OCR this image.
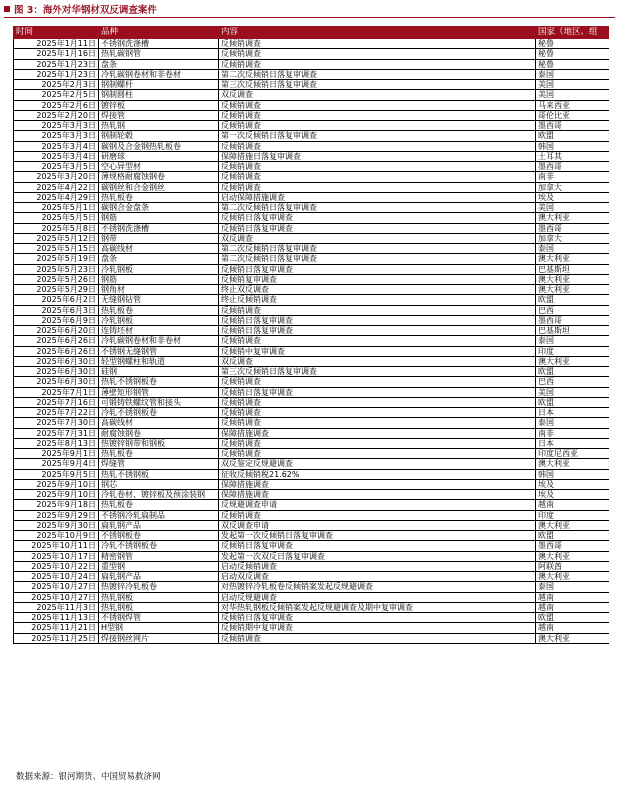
图 3：海外对华钢材双反调查案件
时间	品种	内容	国家（地区、组
2025年1月11日	不锈钢洗涤槽	反倾销调查	秘鲁
2025年1月16日	热轧碳钢管	反倾销调查	秘鲁
2025年1月23日	盘条	反倾销调查	秘鲁
2025年1月23日	冷轧碳钢卷材和非卷材	第二次反倾销日落复审调查	泰国
2025年2月3日	钢制螺杆	第三次反倾销日落复审调查	美国
2025年2月5日	钢制圆柱	双反调查	美国
2025年2月6日	镀锌板	反倾销调查	马来西亚
2025年2月20日	焊接管	反倾销调查	哥伦比亚
2025年3月3日	热轧钢	反倾销调查	墨西哥
2025年3月3日	钢制轮毂	第一次反倾销日落复审调查	欧盟
2025年3月4日	碳钢及合金钢热轧板卷	反倾销调查	韩国
2025年3月4日	研磨球	保障措施日落复审调查	土耳其
2025年3月5日	空心异型材	反倾销调查	墨西哥
2025年3月20日	薄规格耐腐蚀钢卷	反倾销调查	南非
2025年4月22日	碳钢丝和合金钢丝	反倾销调查	加拿大
2025年4月29日	热轧板卷	启动保障措施调查	埃及
2025年5月1日	碳钢合金盘条	第二次反倾销日落复审调查	美国
2025年5月5日	钢筋	反倾销日落复审调查	澳大利亚
2025年5月8日	不锈钢洗涤槽	反倾销日落复审调查	墨西哥
2025年5月12日	钢带	双反调查	加拿大
2025年5月15日	高碳线材	第二次反倾销日落复审调查	泰国
2025年5月19日	盘条	第二次反倾销日落复审调查	澳大利亚
2025年5月23日	冷轧钢板	反倾销日落复审调查	巴基斯坦
2025年5月26日	钢筋	反倾销复审调查	澳大利亚
2025年5月29日	钢角材	终止双反调查	澳大利亚
2025年6月2日	无缝钢钻管	终止反倾销调查	欧盟
2025年6月3日	热轧板卷	反倾销调查	巴西
2025年6月9日	冷轧钢板	反倾销日落复审调查	墨西哥
2025年6月20日	连铸坯材	反倾销日落复审调查	巴基斯坦
2025年6月26日	冷轧碳钢卷材和非卷材	反倾销调查	泰国
2025年6月26日	不锈钢无缝钢管	反倾销中复审调查	印度
2025年6月30日	轻型钢螺柱和轨道	双反调查	澳大利亚
2025年6月30日	硅钢	第三次反倾销日落复审调查	欧盟
2025年6月30日	热轧不锈钢板卷	反倾销调查	巴西
2025年7月1日	薄壁矩形钢管	反倾销日落复审调查	美国
2025年7月16日	可锻铸铁螺纹管和接头	反倾销调查	欧盟
2025年7月22日	冷轧不锈钢板卷	反倾销调查	日本
2025年7月30日	高碳线材	反倾销调查	泰国
2025年7月31日	耐腐蚀钢卷	保障措施调查	南非
2025年8月13日	热镀锌钢带和钢板	反倾销调查	日本
2025年9月1日	热轧板卷	反倾销调查	印度尼西亚
2025年9月4日	焊缝管	双反鉴定反规避调查	澳大利亚
2025年9月5日	热轧不锈钢板	征收反倾销税21.62%	韩国
2025年9月10日	钢芯	保障措施调查	埃及
2025年9月10日	冷轧卷材、镀锌板及预涂装钢	保障措施调查	埃及
2025年9月18日	热轧板卷	反规避调查申请	越南
2025年9月29日	不锈钢冷轧扁制品	反倾销调查	印度
2025年9月30日	扁轧钢产品	双反调查申请	澳大利亚
2025年10月9日	不锈钢板卷	发起第一次反倾销日落复审调查	欧盟
2025年10月11日	冷轧不锈钢板卷	反倾销日落复审调查	墨西哥
2025年10月17日	精密钢管	发起第一次双反日落复审调查	澳大利亚
2025年10月22日	重型钢	启动反倾销调查	阿联酋
2025年10月24日	扁轧钢产品	启动双反调查	澳大利亚
2025年10月27日	热镀锌冷轧板卷	对热镀锌冷轧板卷反倾销案发起反规避调查	泰国
2025年10月27日	热轧钢板	启动反规避调查	越南
2025年11月3日	热轧钢板	对华热轧钢板反倾销案发起反规避调查及期中复审调查	越南
2025年11月13日	不锈钢焊管	反倾销日落复审调查	欧盟
2025年11月21日	H型钢	反倾销期中复审调查	越南
2025年11月25日	焊接钢丝网片	反倾销调查	澳大利亚
数据来源：银河期货、中国贸易救济网
